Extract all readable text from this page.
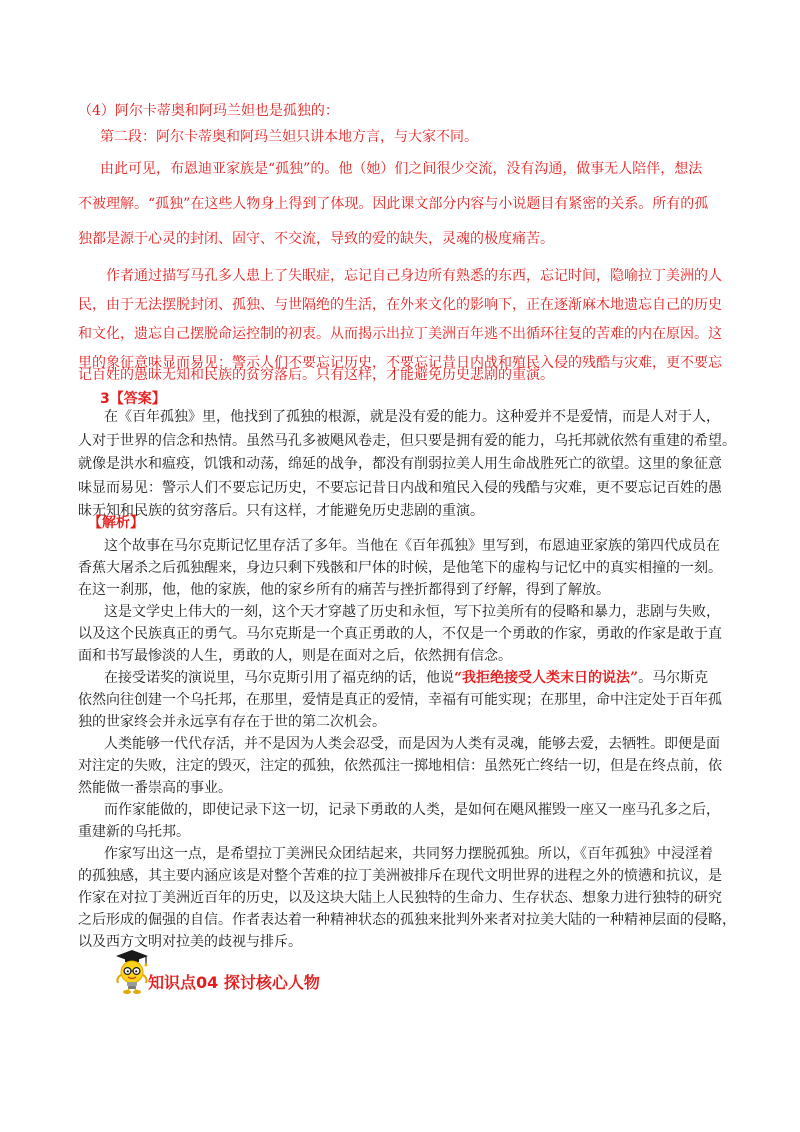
（4）阿尔卡蒂奥和阿玛兰妲也是孤独的：
第二段：阿尔卡蒂奥和阿玛兰妲只讲本地方言，与大家不同。
由此可见，布恩迪亚家族是“孤独”的。他（她）们之间很少交流，没有沟通，做事无人陪伴，想法
不被理解。“孤独”在这些人物身上得到了体现。因此课文部分内容与小说题目有紧密的关系。所有的孤
独都是源于心灵的封闭、固守、不交流，导致的爱的缺失，灵魂的极度痛苦。
作者通过描写马孔多人患上了失眠症，忘记自己身边所有熟悉的东西，忘记时间，隐喻拉丁美洲的人
民，由于无法摆脱封闭、孤独、与世隔绝的生活，在外来文化的影响下，正在逐渐麻木地遗忘自己的历史
和文化，遗忘自己摆脱命运控制的初衷。从而揭示出拉丁美洲百年逃不出循环往复的苦难的内在原因。这
里的象征意味显而易见：警示人们不要忘记历史，不要忘记昔日内战和殖民入侵的残酷与灾难，更不要忘
记百姓的愚昧无知和民族的贫穷落后。只有这样，才能避免历史悲剧的重演。
3【答案】
在《百年孤独》里，他找到了孤独的根源，就是没有爱的能力。这种爱并不是爱情，而是人对于人，
人对于世界的信念和热情。虽然马孔多被飓风卷走，但只要是拥有爱的能力，乌托邦就依然有重建的希望。
就像是洪水和瘟疫，饥饿和动荡，绵延的战争，都没有削弱拉美人用生命战胜死亡的欲望。这里的象征意
味显而易见：警示人们不要忘记历史，不要忘记昔日内战和殖民入侵的残酷与灾难，更不要忘记百姓的愚
昧无知和民族的贫穷落后。只有这样，才能避免历史悲剧的重演。
【解析】
这个故事在马尔克斯记忆里存活了多年。当他在《百年孤独》里写到，布恩迪亚家族的第四代成员在
香蕉大屠杀之后孤独醒来，身边只剩下残骸和尸体的时候，是他笔下的虚构与记忆中的真实相撞的一刻。
在这一刹那，他，他的家族，他的家乡所有的痛苦与挫折都得到了纾解，得到了解放。
这是文学史上伟大的一刻，这个天才穿越了历史和永恒，写下拉美所有的侵略和暴力，悲剧与失败，
以及这个民族真正的勇气。马尔克斯是一个真正勇敢的人，不仅是一个勇敢的作家，勇敢的作家是敢于直
面和书写最惨淡的人生，勇敢的人，则是在面对之后，依然拥有信念。
在接受诺奖的演说里，马尔克斯引用了福克纳的话，他说“我拒绝接受人类末日的说法”。马尔斯克
依然向往创建一个乌托邦，在那里，爱情是真正的爱情，幸福有可能实现；在那里，命中注定处于百年孤
独的世家终会并永远享有存在于世的第二次机会。
人类能够一代代存活，并不是因为人类会忍受，而是因为人类有灵魂，能够去爱，去牺牲。即便是面
对注定的失败，注定的毁灭，注定的孤独，依然孤注一掷地相信：虽然死亡终结一切，但是在终点前，依
然能做一番崇高的事业。
而作家能做的，即使记录下这一切，记录下勇敢的人类，是如何在飓风摧毁一座又一座马孔多之后，
重建新的乌托邦。
作家写出这一点，是希望拉丁美洲民众团结起来，共同努力摆脱孤独。所以，《百年孤独》中浸淫着
的孤独感，其主要内涵应该是对整个苦难的拉丁美洲被排斥在现代文明世界的进程之外的愤懑和抗议，是
作家在对拉丁美洲近百年的历史，以及这块大陆上人民独特的生命力、生存状态、想象力进行独特的研究
之后形成的倔强的自信。作者表达着一种精神状态的孤独来批判外来者对拉美大陆的一种精神层面的侵略，
以及西方文明对拉美的歧视与排斥。
知识点04 探讨核心人物
